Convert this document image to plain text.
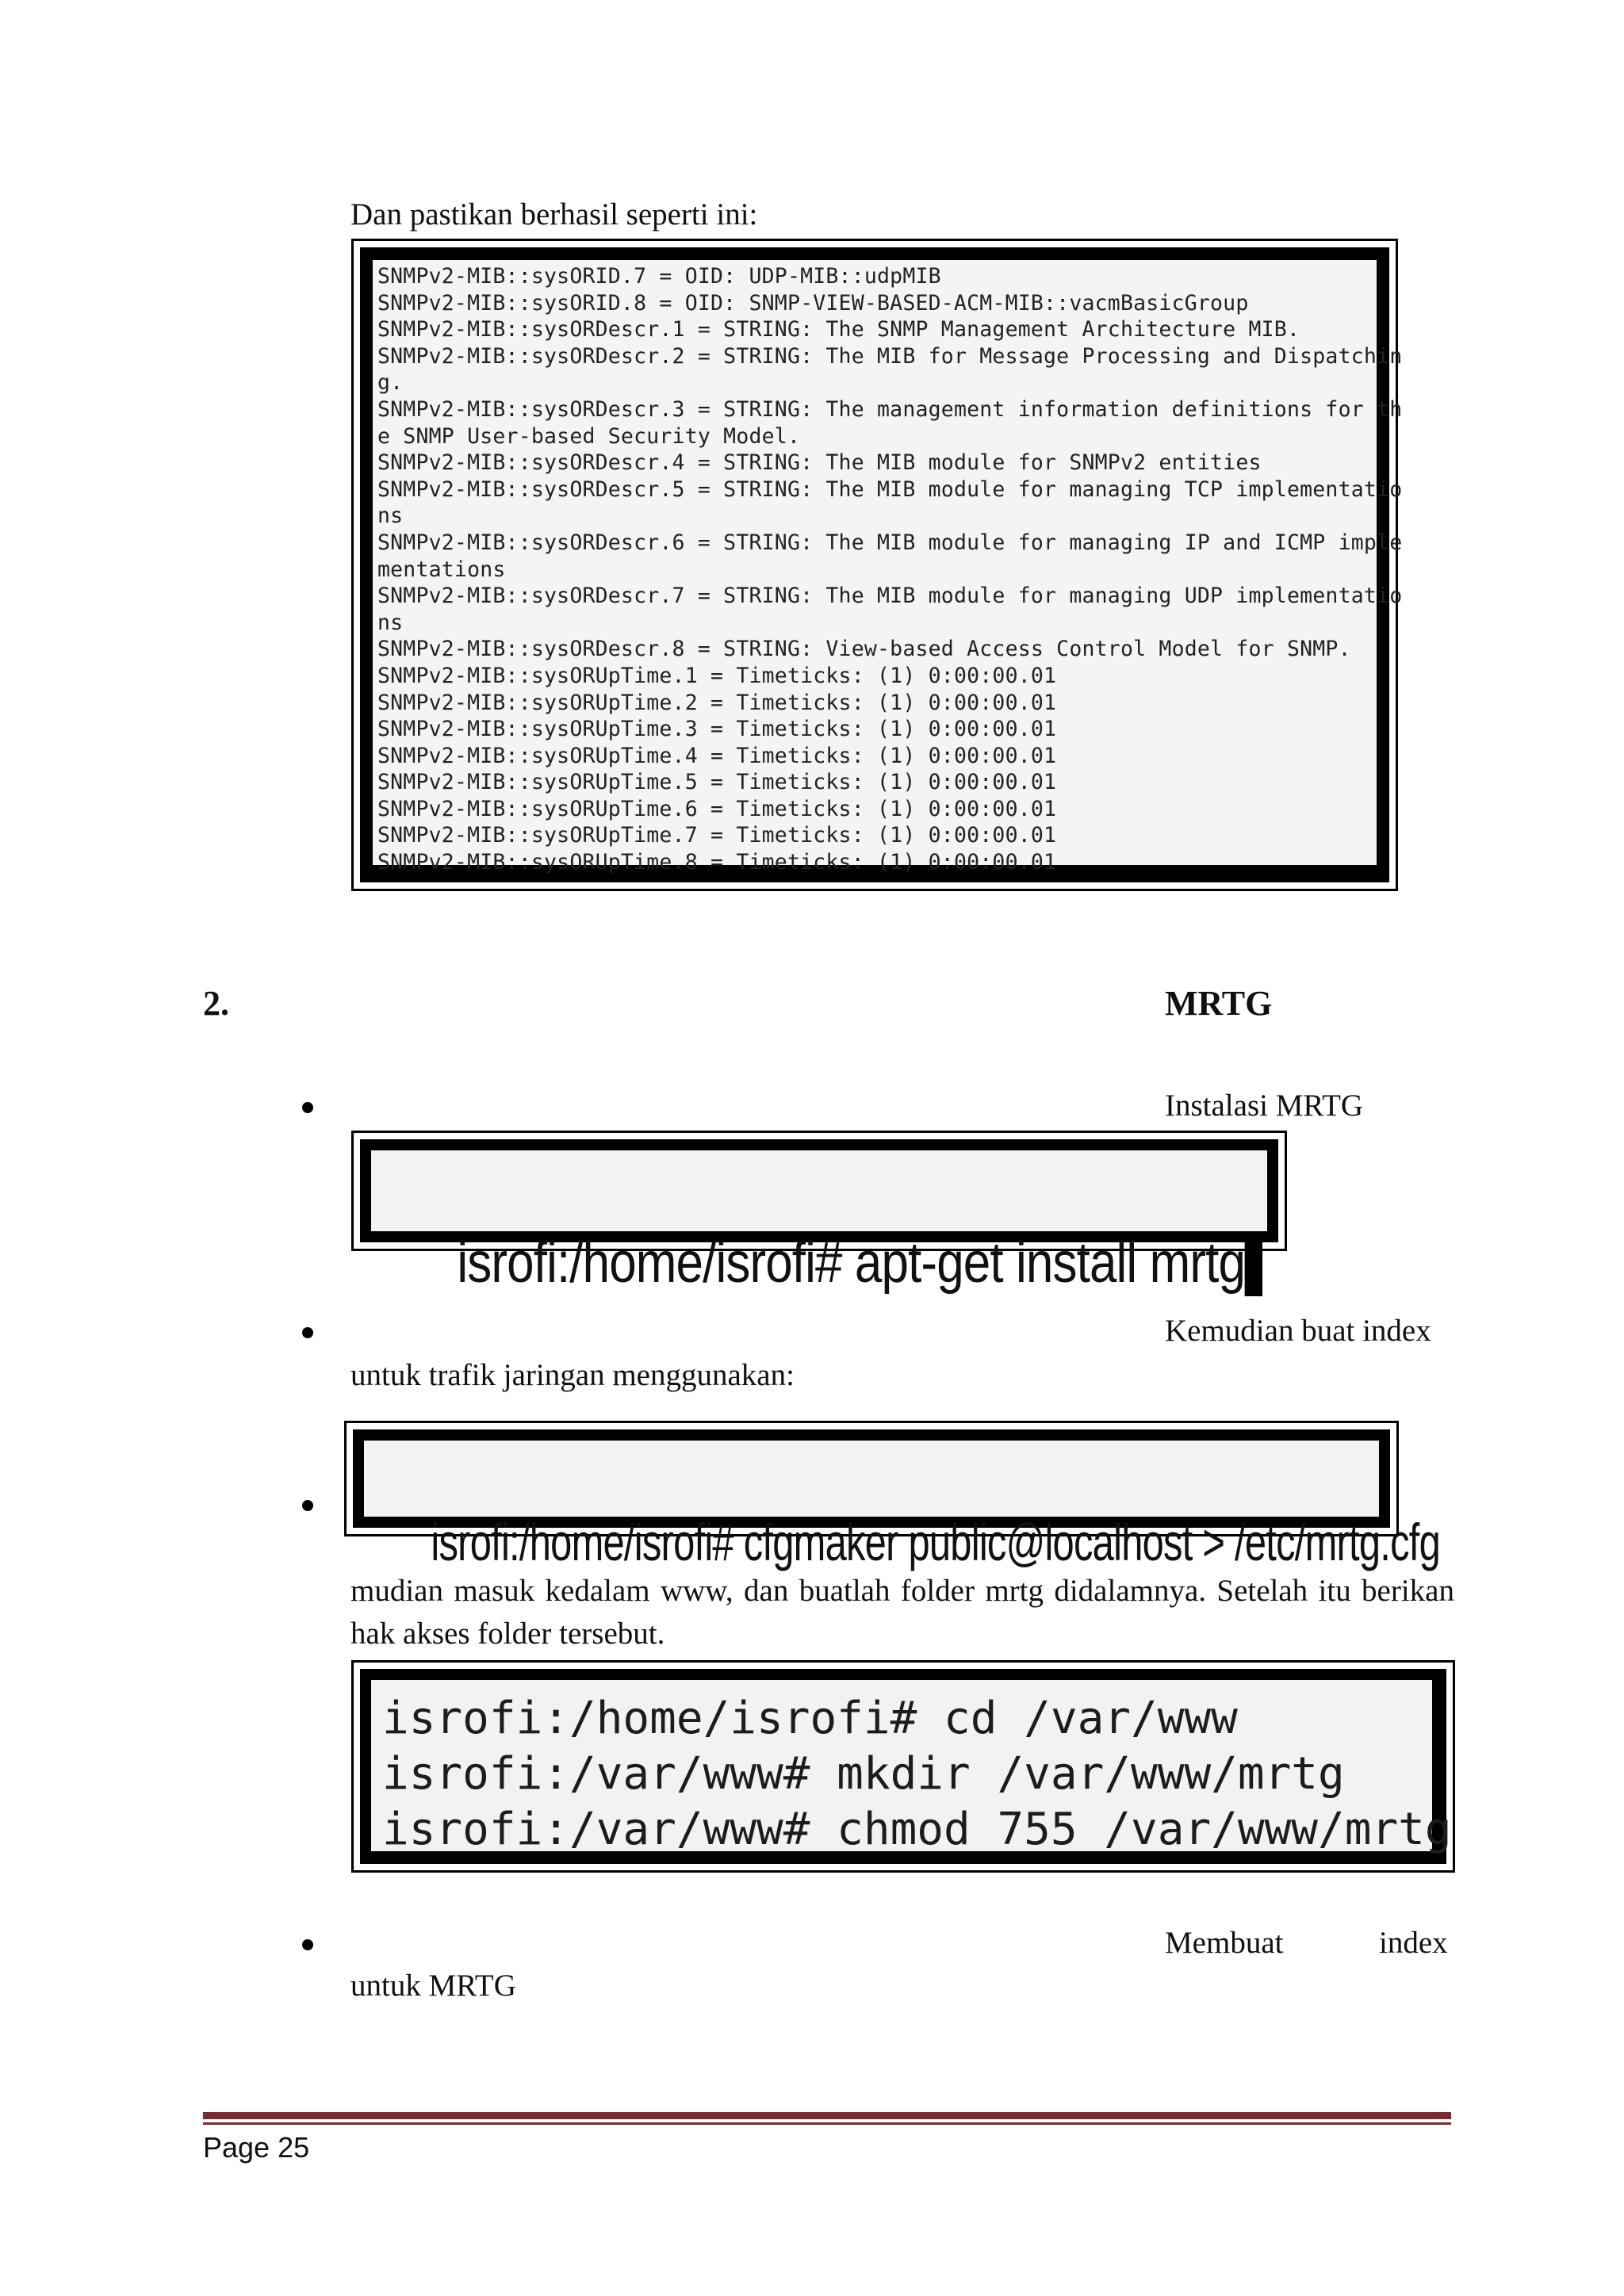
Dan pastikan berhasil seperti ini:
SNMPv2-MIB::sysORID.7 = OID: UDP-MIB::udpMIB
SNMPv2-MIB::sysORID.8 = OID: SNMP-VIEW-BASED-ACM-MIB::vacmBasicGroup
SNMPv2-MIB::sysORDescr.1 = STRING: The SNMP Management Architecture MIB.
SNMPv2-MIB::sysORDescr.2 = STRING: The MIB for Message Processing and Dispatchin
g.
SNMPv2-MIB::sysORDescr.3 = STRING: The management information definitions for th
e SNMP User-based Security Model.
SNMPv2-MIB::sysORDescr.4 = STRING: The MIB module for SNMPv2 entities
SNMPv2-MIB::sysORDescr.5 = STRING: The MIB module for managing TCP implementatio
ns
SNMPv2-MIB::sysORDescr.6 = STRING: The MIB module for managing IP and ICMP imple
mentations
SNMPv2-MIB::sysORDescr.7 = STRING: The MIB module for managing UDP implementatio
ns
SNMPv2-MIB::sysORDescr.8 = STRING: View-based Access Control Model for SNMP.
SNMPv2-MIB::sysORUpTime.1 = Timeticks: (1) 0:00:00.01
SNMPv2-MIB::sysORUpTime.2 = Timeticks: (1) 0:00:00.01
SNMPv2-MIB::sysORUpTime.3 = Timeticks: (1) 0:00:00.01
SNMPv2-MIB::sysORUpTime.4 = Timeticks: (1) 0:00:00.01
SNMPv2-MIB::sysORUpTime.5 = Timeticks: (1) 0:00:00.01
SNMPv2-MIB::sysORUpTime.6 = Timeticks: (1) 0:00:00.01
SNMPv2-MIB::sysORUpTime.7 = Timeticks: (1) 0:00:00.01
SNMPv2-MIB::sysORUpTime.8 = Timeticks: (1) 0:00:00.01
2.	MRTG
Instalasi MRTG

isrofi:/home/isrofi# apt-get install mrtg

Kemudian buat index
untuk trafik jaringan menggunakan:

isrofi:/home/isrofi# cfgmaker public@localhost > /etc/mrtg.cfg

mudian masuk kedalam www, dan buatlah folder mrtg didalamnya. Setelah itu berikan hak akses folder tersebut.
isrofi:/home/isrofi# cd /var/www
isrofi:/var/www# mkdir /var/www/mrtg
isrofi:/var/www# chmod 755 /var/www/mrtg
Membuat	index
untuk MRTG
Page 25
